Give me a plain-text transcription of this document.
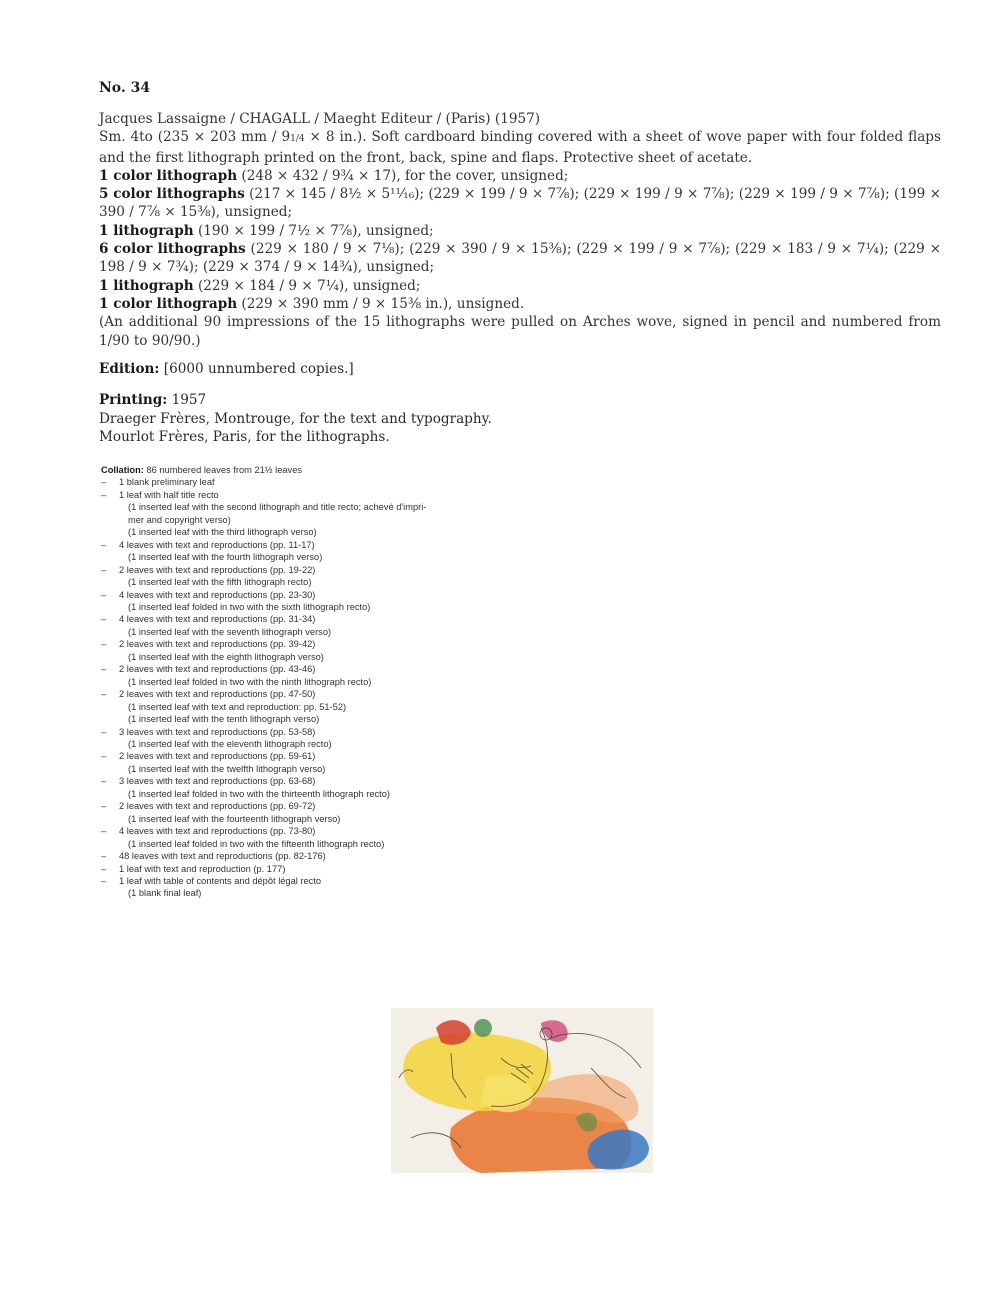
No. 34

Jacques Lassaigne / CHAGALL / Maeght Editeur / (Paris) (1957)

Sm. 4to (235 × 203 mm / 91/4 × 8 in.). Soft cardboard binding covered with a sheet of wove paper with four folded flaps and the first lithograph printed on the front, back, spine and flaps. Protective sheet of acetate.

1 color lithograph (248 × 432 / 9¾ × 17), for the cover, unsigned;

5 color lithographs (217 × 145 / 8½ × 5¹¹⁄₁₆); (229 × 199 / 9 × 7⅞); (229 × 199 / 9 × 7⅞); (229 × 199 / 9 × 7⅞); (199 × 390 / 7⅞ × 15⅜), unsigned;

1 lithograph (190 × 199 / 7½ × 7⅞), unsigned;

6 color lithographs (229 × 180 / 9 × 7⅛); (229 × 390 / 9 × 15⅜); (229 × 199 / 9 × 7⅞); (229 × 183 / 9 × 7¼); (229 × 198 / 9 × 7¾); (229 × 374 / 9 × 14¾), unsigned;

1 lithograph (229 × 184 / 9 × 7¼), unsigned;

1 color lithograph (229 × 390 mm / 9 × 15⅜ in.), unsigned.

(An additional 90 impressions of the 15 lithographs were pulled on Arches wove, signed in pencil and numbered from 1/90 to 90/90.)

Edition: [6000 unnumbered copies.]

Printing: 1957

Draeger Frères, Montrouge, for the text and typography.

Mourlot Frères, Paris, for the lithographs.

Collation: 86 numbered leaves from 21½ leaves

– 1 blank preliminary leaf
– 1 leaf with half title recto
(1 inserted leaf with the second lithograph and title recto; achevé d'impri-
mer and copyright verso)
(1 inserted leaf with the third lithograph verso)
– 4 leaves with text and reproductions (pp. 11-17)
(1 inserted leaf with the fourth lithograph verso)
– 2 leaves with text and reproductions (pp. 19-22)
(1 inserted leaf with the fifth lithograph recto)
– 4 leaves with text and reproductions (pp. 23-30)
(1 inserted leaf folded in two with the sixth lithograph recto)
– 4 leaves with text and reproductions (pp. 31-34)
(1 inserted leaf with the seventh lithograph verso)
– 2 leaves with text and reproductions (pp. 39-42)
(1 inserted leaf with the eighth lithograph verso)
– 2 leaves with text and reproductions (pp. 43-46)
(1 inserted leaf folded in two with the ninth lithograph recto)
– 2 leaves with text and reproductions (pp. 47-50)
(1 inserted leaf with text and reproduction: pp. 51-52)
(1 inserted leaf with the tenth lithograph verso)
– 3 leaves with text and reproductions (pp. 53-58)
(1 inserted leaf with the eleventh lithograph recto)
– 2 leaves with text and reproductions (pp. 59-61)
(1 inserted leaf with the twelfth lithograph verso)
– 3 leaves with text and reproductions (pp. 63-68)
(1 inserted leaf folded in two with the thirteenth lithograph recto)
– 2 leaves with text and reproductions (pp. 69-72)
(1 inserted leaf with the fourteenth lithograph verso)
– 4 leaves with text and reproductions (pp. 73-80)
(1 inserted leaf folded in two with the fifteenth lithograph recto)
– 48 leaves with text and reproductions (pp. 82-176)
– 1 leaf with text and reproduction (p. 177)
– 1 leaf with table of contents and dépôt légal recto
(1 blank final leaf)
